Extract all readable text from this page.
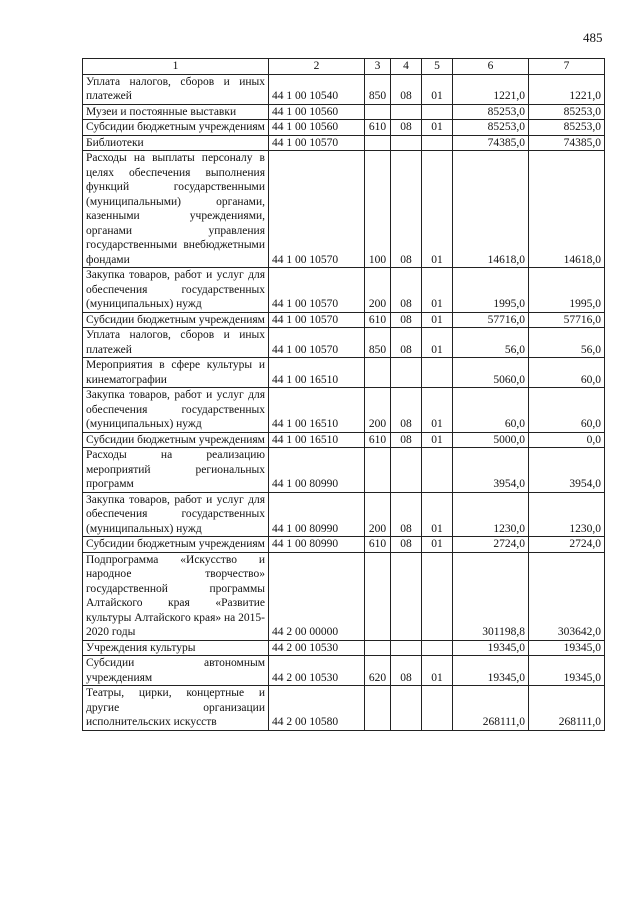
485
1	2	3	4	5	6	7
Уплата налогов, сборов и иных платежей	44 1 00 10540	850	08	01	1221,0	1221,0
Музеи и постоянные выставки	44 1 00 10560				85253,0	85253,0
Субсидии бюджетным учреждениям	44 1 00 10560	610	08	01	85253,0	85253,0
Библиотеки	44 1 00 10570				74385,0	74385,0
Расходы на выплаты персоналу в целях обеспечения выполнения функций государственными (муниципальными) органами, казенными учреждениями, органами управления государственными внебюджетными фондами	44 1 00 10570	100	08	01	14618,0	14618,0
Закупка товаров, работ и услуг для обеспечения государственных (муниципальных) нужд	44 1 00 10570	200	08	01	1995,0	1995,0
Субсидии бюджетным учреждениям	44 1 00 10570	610	08	01	57716,0	57716,0
Уплата налогов, сборов и иных платежей	44 1 00 10570	850	08	01	56,0	56,0
Мероприятия в сфере культуры и кинематографии	44 1 00 16510				5060,0	60,0
Закупка товаров, работ и услуг для обеспечения государственных (муниципальных) нужд	44 1 00 16510	200	08	01	60,0	60,0
Субсидии бюджетным учреждениям	44 1 00 16510	610	08	01	5000,0	0,0
Расходы на реализацию мероприятий региональных программ	44 1 00 80990				3954,0	3954,0
Закупка товаров, работ и услуг для обеспечения государственных (муниципальных) нужд	44 1 00 80990	200	08	01	1230,0	1230,0
Субсидии бюджетным учреждениям	44 1 00 80990	610	08	01	2724,0	2724,0
Подпрограмма «Искусство и народное творчество» государственной программы Алтайского края «Развитие культуры Алтайского края» на 2015-2020 годы	44 2 00 00000				301198,8	303642,0
Учреждения культуры	44 2 00 10530				19345,0	19345,0
Субсидии автономным учреждениям	44 2 00 10530	620	08	01	19345,0	19345,0
Театры, цирки, концертные и другие организации исполнительских искусств	44 2 00 10580				268111,0	268111,0
